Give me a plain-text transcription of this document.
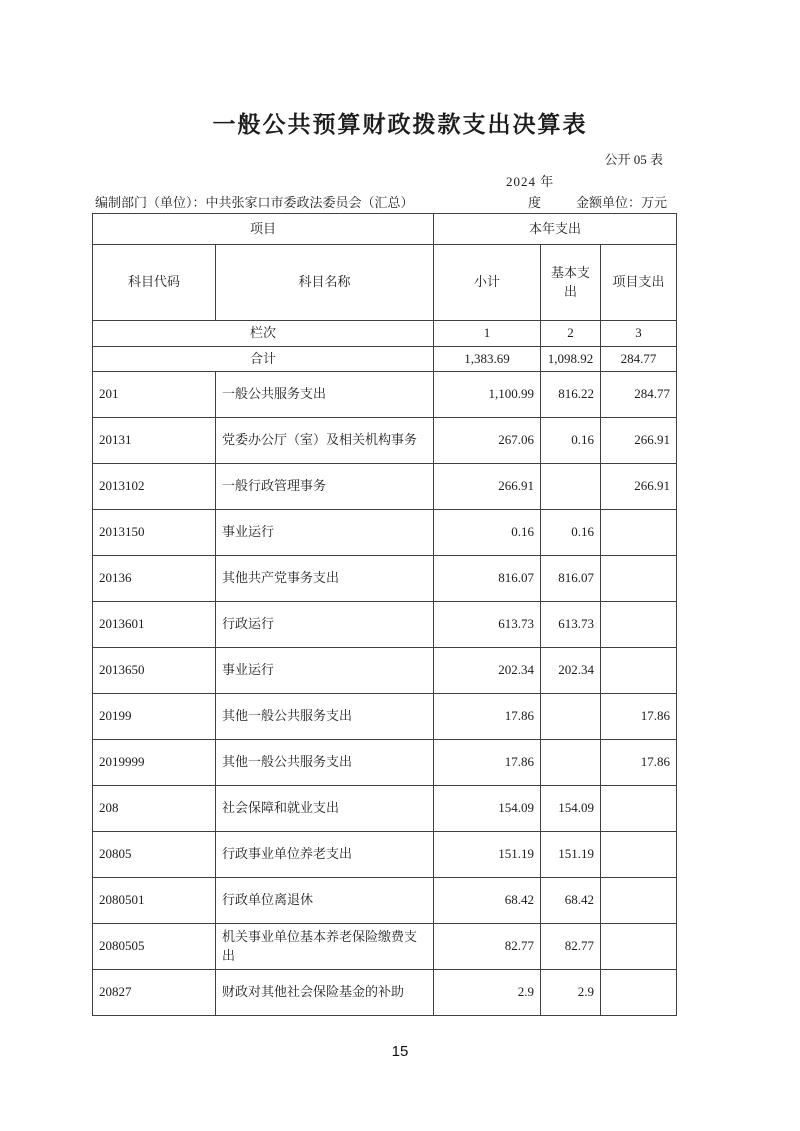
一般公共预算财政拨款支出决算表
公开 05 表
2024 年
编制部门（单位）：中共张家口市委政法委员会（汇总）	度	金额单位：万元
项目		本年支出		
科目代码	科目名称	小计	基本支出	项目支出
栏次		1	2	3
合计		1,383.69	1,098.92	284.77
201	一般公共服务支出	1,100.99	816.22	284.77
20131	党委办公厅（室）及相关机构事务	267.06	0.16	266.91
2013102	一般行政管理事务	266.91		266.91
2013150	事业运行	0.16	0.16	
20136	其他共产党事务支出	816.07	816.07	
2013601	行政运行	613.73	613.73	
2013650	事业运行	202.34	202.34	
20199	其他一般公共服务支出	17.86		17.86
2019999	其他一般公共服务支出	17.86		17.86
208	社会保障和就业支出	154.09	154.09	
20805	行政事业单位养老支出	151.19	151.19	
2080501	行政单位离退休	68.42	68.42	
2080505	机关事业单位基本养老保险缴费支出	82.77	82.77	
20827	财政对其他社会保险基金的补助	2.9	2.9	
15
